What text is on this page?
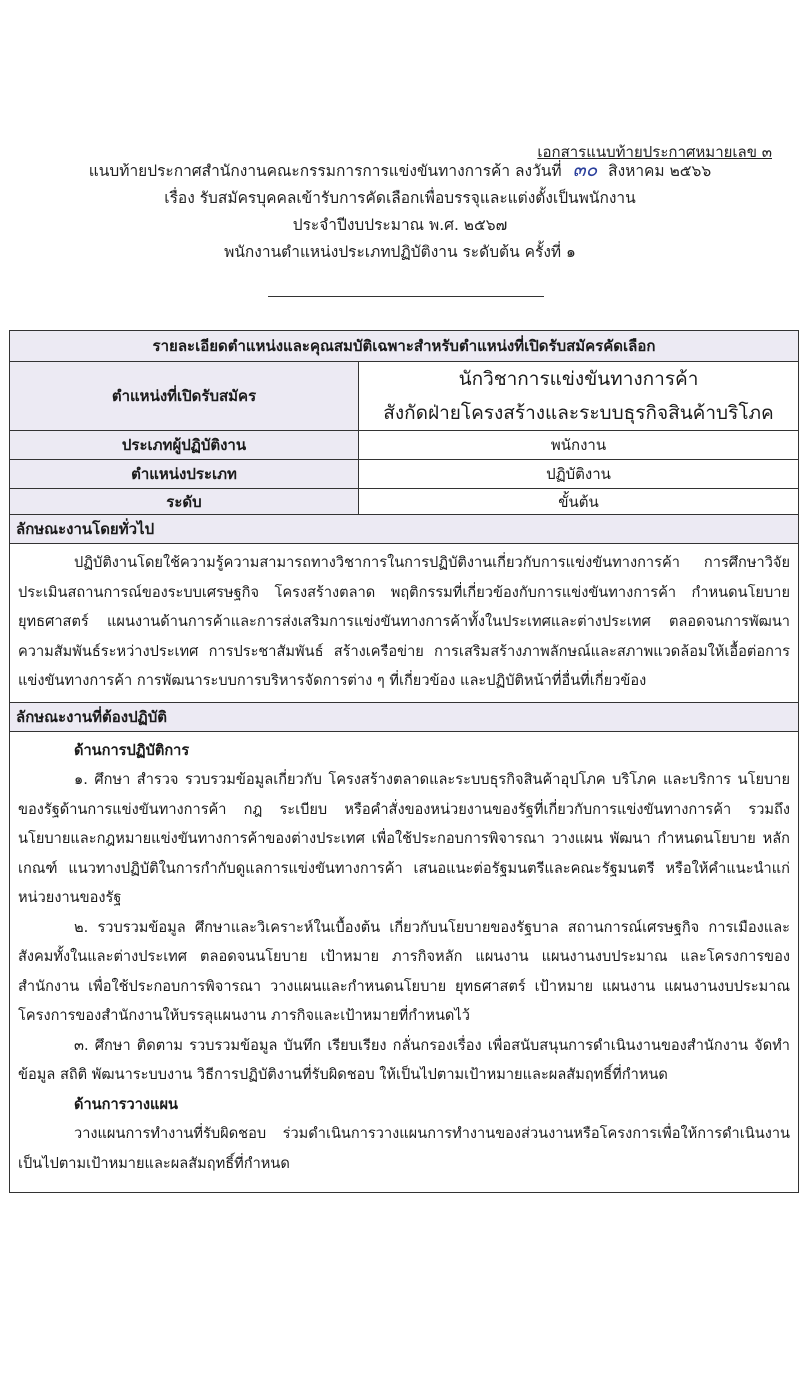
เอกสารแนบท้ายประกาศหมายเลข ๓
แนบท้ายประกาศสำนักงานคณะกรรมการการแข่งขันทางการค้า ลงวันที่ ๓๐ สิงหาคม ๒๕๖๖
เรื่อง รับสมัครบุคคลเข้ารับการคัดเลือกเพื่อบรรจุและแต่งตั้งเป็นพนักงาน
ประจำปีงบประมาณ พ.ศ. ๒๕๖๗
พนักงานตำแหน่งประเภทปฏิบัติงาน ระดับต้น ครั้งที่ ๑
รายละเอียดตำแหน่งและคุณสมบัติเฉพาะสำหรับตำแหน่งที่เปิดรับสมัครคัดเลือก	
ตำแหน่งที่เปิดรับสมัคร	นักวิชาการแข่งขันทางการค้า
สังกัดฝ่ายโครงสร้างและระบบธุรกิจสินค้าบริโภค

ประเภทผู้ปฏิบัติงาน	พนักงาน
ตำแหน่งประเภท	ปฏิบัติงาน
ระดับ	ขั้นต้น
ลักษณะงานโดยทั่วไป	

ปฏิบัติงานโดยใช้ความรู้ความสามารถทางวิชาการในการปฏิบัติงานเกี่ยวกับการแข่งขันทางการค้า การศึกษาวิจัย ประเมินสถานการณ์ของระบบเศรษฐกิจ โครงสร้างตลาด พฤติกรรมที่เกี่ยวข้องกับการแข่งขันทางการค้า กำหนดนโยบายยุทธศาสตร์ แผนงานด้านการค้าและการส่งเสริมการแข่งขันทางการค้าทั้งในประเทศและต่างประเทศ ตลอดจนการพัฒนาความสัมพันธ์ระหว่างประเทศ การประชาสัมพันธ์ สร้างเครือข่าย การเสริมสร้างภาพลักษณ์และสภาพแวดล้อมให้เอื้อต่อการแข่งขันทางการค้า การพัฒนาระบบการบริหารจัดการต่าง ๆ ที่เกี่ยวข้อง และปฏิบัติหน้าที่อื่นที่เกี่ยวข้อง	

ลักษณะงานที่ต้องปฏิบัติ	

ด้านการปฏิบัติการ
๑. ศึกษา สำรวจ รวบรวมข้อมูลเกี่ยวกับ โครงสร้างตลาดและระบบธุรกิจสินค้าอุปโภค บริโภค และบริการ นโยบายของรัฐด้านการแข่งขันทางการค้า กฎ ระเบียบ หรือคำสั่งของหน่วยงานของรัฐที่เกี่ยวกับการแข่งขันทางการค้า รวมถึงนโยบายและกฎหมายแข่งขันทางการค้าของต่างประเทศ เพื่อใช้ประกอบการพิจารณา วางแผน พัฒนา กำหนดนโยบาย หลักเกณฑ์ แนวทางปฏิบัติในการกำกับดูแลการแข่งขันทางการค้า เสนอแนะต่อรัฐมนตรีและคณะรัฐมนตรี หรือให้คำแนะนำแก่หน่วยงานของรัฐ
๒. รวบรวมข้อมูล ศึกษาและวิเคราะห์ในเบื้องต้น เกี่ยวกับนโยบายของรัฐบาล สถานการณ์เศรษฐกิจ การเมืองและสังคมทั้งในและต่างประเทศ ตลอดจนนโยบาย เป้าหมาย ภารกิจหลัก แผนงาน แผนงานงบประมาณ และโครงการของสำนักงาน เพื่อใช้ประกอบการพิจารณา วางแผนและกำหนดนโยบาย ยุทธศาสตร์ เป้าหมาย แผนงาน แผนงานงบประมาณ โครงการของสำนักงานให้บรรลุแผนงาน ภารกิจและเป้าหมายที่กำหนดไว้
๓. ศึกษา ติดตาม รวบรวมข้อมูล บันทึก เรียบเรียง กลั่นกรองเรื่อง เพื่อสนับสนุนการดำเนินงานของสำนักงาน จัดทำข้อมูล สถิติ พัฒนาระบบงาน วิธีการปฏิบัติงานที่รับผิดชอบ ให้เป็นไปตามเป้าหมายและผลสัมฤทธิ์ที่กำหนด
ด้านการวางแผน
วางแผนการทำงานที่รับผิดชอบ ร่วมดำเนินการวางแผนการทำงานของส่วนงานหรือโครงการเพื่อให้การดำเนินงานเป็นไปตามเป้าหมายและผลสัมฤทธิ์ที่กำหนด
